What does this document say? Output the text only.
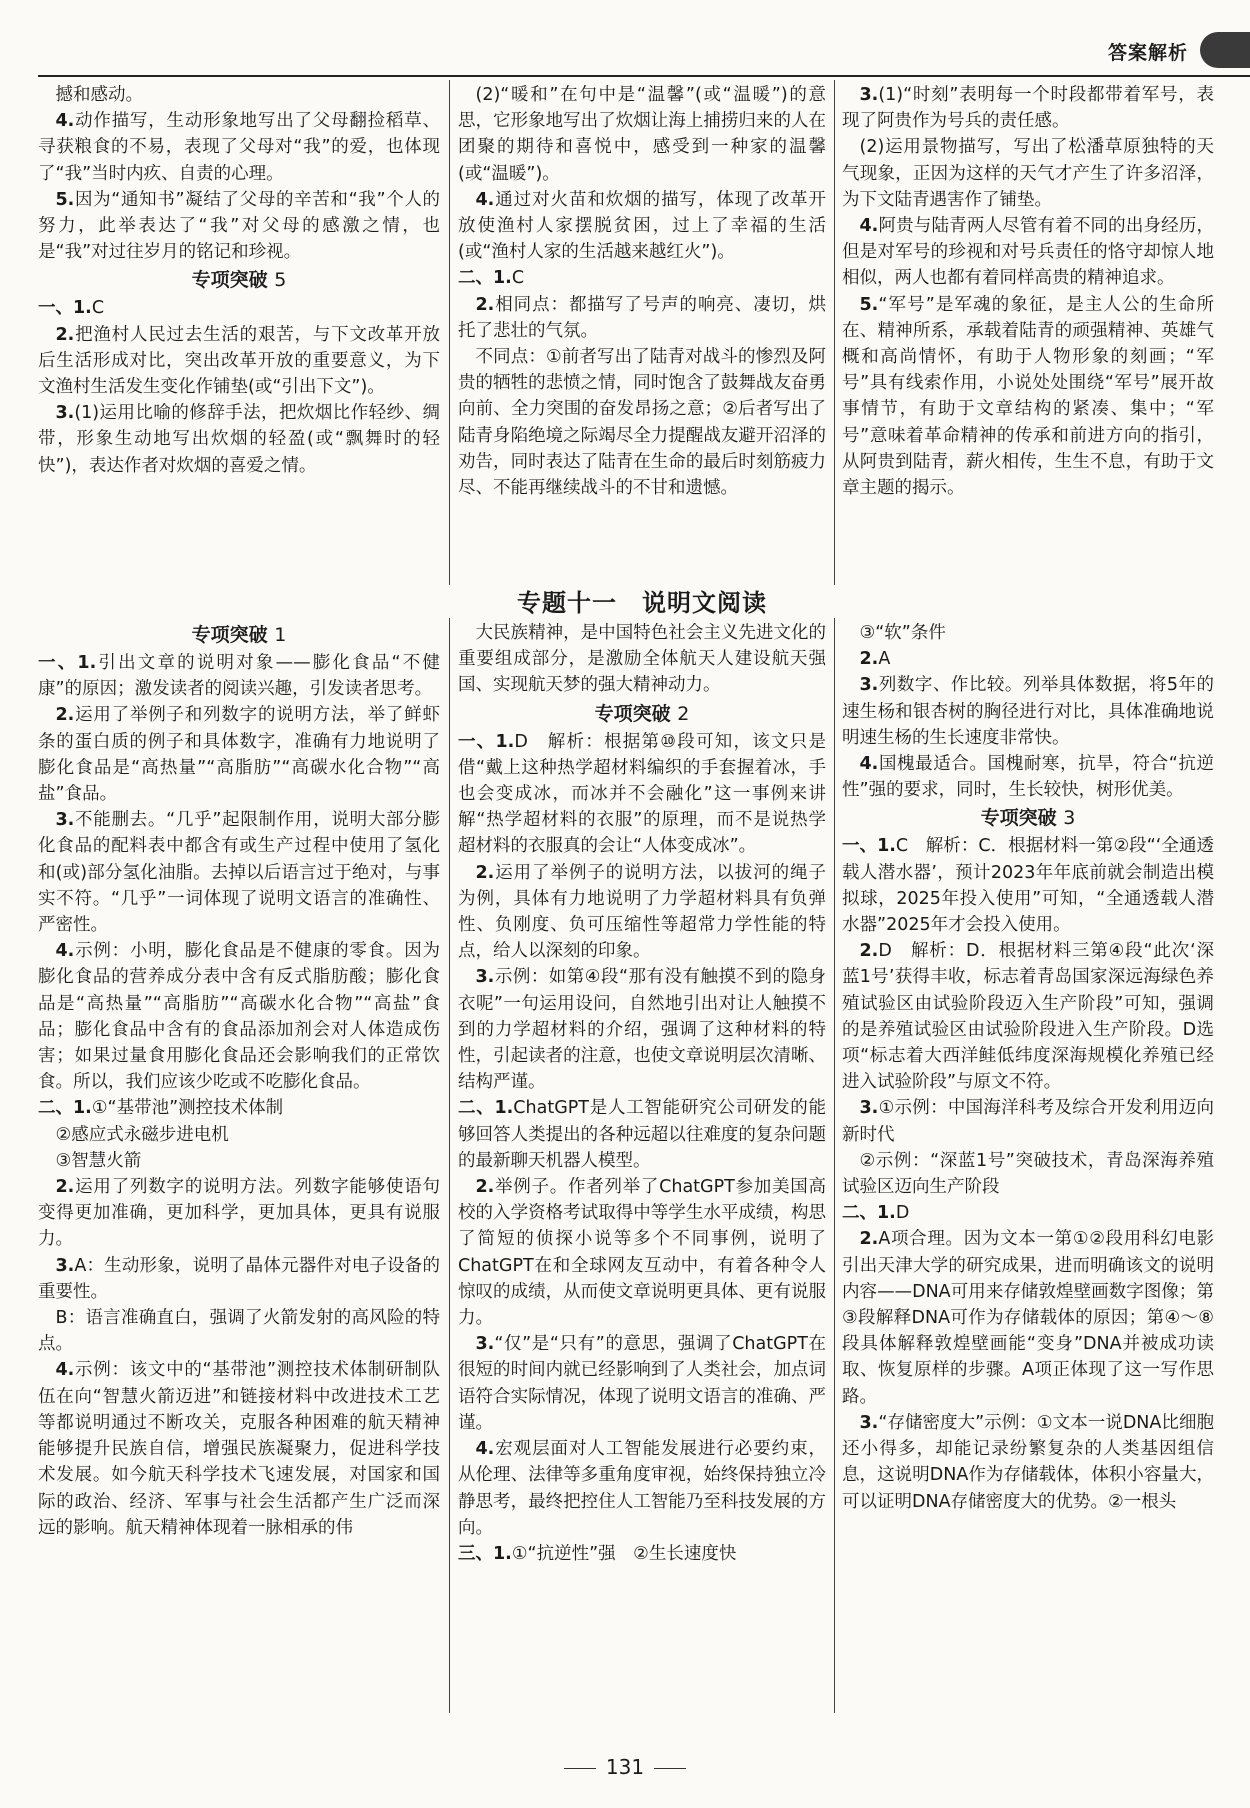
答案解析

撼和感动。

4.动作描写，生动形象地写出了父母翻捡稻草、寻获粮食的不易，表现了父母对“我”的爱，也体现了“我”当时内疚、自责的心理。

5.因为“通知书”凝结了父母的辛苦和“我”个人的努力，此举表达了“我”对父母的感激之情，也是“我”对过往岁月的铭记和珍视。

专项突破 5

一、1.C

2.把渔村人民过去生活的艰苦，与下文改革开放后生活形成对比，突出改革开放的重要意义，为下文渔村生活发生变化作铺垫(或“引出下文”)。

3.(1)运用比喻的修辞手法，把炊烟比作轻纱、绸带，形象生动地写出炊烟的轻盈(或“飘舞时的轻快”)，表达作者对炊烟的喜爱之情。

(2)“暖和”在句中是“温馨”(或“温暖”)的意思，它形象地写出了炊烟让海上捕捞归来的人在团聚的期待和喜悦中，感受到一种家的温馨(或“温暖”)。

4.通过对火苗和炊烟的描写，体现了改革开放使渔村人家摆脱贫困，过上了幸福的生活(或“渔村人家的生活越来越红火”)。

二、1.C

2.相同点：都描写了号声的响亮、凄切，烘托了悲壮的气氛。

不同点：①前者写出了陆青对战斗的惨烈及阿贵的牺牲的悲愤之情，同时饱含了鼓舞战友奋勇向前、全力突围的奋发昂扬之意；②后者写出了陆青身陷绝境之际竭尽全力提醒战友避开沼泽的劝告，同时表达了陆青在生命的最后时刻筋疲力尽、不能再继续战斗的不甘和遗憾。

3.(1)“时刻”表明每一个时段都带着军号，表现了阿贵作为号兵的责任感。

(2)运用景物描写，写出了松潘草原独特的天气现象，正因为这样的天气才产生了许多沼泽，为下文陆青遇害作了铺垫。

4.阿贵与陆青两人尽管有着不同的出身经历，但是对军号的珍视和对号兵责任的恪守却惊人地相似，两人也都有着同样高贵的精神追求。

5.“军号”是军魂的象征，是主人公的生命所在、精神所系，承载着陆青的顽强精神、英雄气概和高尚情怀，有助于人物形象的刻画；“军号”具有线索作用，小说处处围绕“军号”展开故事情节，有助于文章结构的紧凑、集中；“军号”意味着革命精神的传承和前进方向的指引，从阿贵到陆青，薪火相传，生生不息，有助于文章主题的揭示。

专题十一　说明文阅读
专项突破 1

一、1.引出文章的说明对象——膨化食品“不健康”的原因；激发读者的阅读兴趣，引发读者思考。

2.运用了举例子和列数字的说明方法，举了鲜虾条的蛋白质的例子和具体数字，准确有力地说明了膨化食品是“高热量”“高脂肪”“高碳水化合物”“高盐”食品。

3.不能删去。“几乎”起限制作用，说明大部分膨化食品的配料表中都含有或生产过程中使用了氢化和(或)部分氢化油脂。去掉以后语言过于绝对，与事实不符。“几乎”一词体现了说明文语言的准确性、严密性。

4.示例：小明，膨化食品是不健康的零食。因为膨化食品的营养成分表中含有反式脂肪酸；膨化食品是“高热量”“高脂肪”“高碳水化合物”“高盐”食品；膨化食品中含有的食品添加剂会对人体造成伤害；如果过量食用膨化食品还会影响我们的正常饮食。所以，我们应该少吃或不吃膨化食品。

二、1.①“基带池”测控技术体制

②感应式永磁步进电机

③智慧火箭

2.运用了列数字的说明方法。列数字能够使语句变得更加准确，更加科学，更加具体，更具有说服力。

3.A：生动形象，说明了晶体元器件对电子设备的重要性。

B：语言准确直白，强调了火箭发射的高风险的特点。

4.示例：该文中的“基带池”测控技术体制研制队伍在向“智慧火箭迈进”和链接材料中改进技术工艺等都说明通过不断攻关，克服各种困难的航天精神能够提升民族自信，增强民族凝聚力，促进科学技术发展。如今航天科学技术飞速发展，对国家和国际的政治、经济、军事与社会生活都产生广泛而深远的影响。航天精神体现着一脉相承的伟

大民族精神，是中国特色社会主义先进文化的重要组成部分，是激励全体航天人建设航天强国、实现航天梦的强大精神动力。

专项突破 2

一、1.D　解析：根据第⑩段可知，该文只是借“戴上这种热学超材料编织的手套握着冰，手也会变成冰，而冰并不会融化”这一事例来讲解“热学超材料的衣服”的原理，而不是说热学超材料的衣服真的会让“人体变成冰”。

2.运用了举例子的说明方法，以拔河的绳子为例，具体有力地说明了力学超材料具有负弹性、负刚度、负可压缩性等超常力学性能的特点，给人以深刻的印象。

3.示例：如第④段“那有没有触摸不到的隐身衣呢”一句运用设问，自然地引出对让人触摸不到的力学超材料的介绍，强调了这种材料的特性，引起读者的注意，也使文章说明层次清晰、结构严谨。

二、1.ChatGPT是人工智能研究公司研发的能够回答人类提出的各种远超以往难度的复杂问题的最新聊天机器人模型。

2.举例子。作者列举了ChatGPT参加美国高校的入学资格考试取得中等学生水平成绩，构思了简短的侦探小说等多个不同事例，说明了ChatGPT在和全球网友互动中，有着各种令人惊叹的成绩，从而使文章说明更具体、更有说服力。

3.“仅”是“只有”的意思，强调了ChatGPT在很短的时间内就已经影响到了人类社会，加点词语符合实际情况，体现了说明文语言的准确、严谨。

4.宏观层面对人工智能发展进行必要约束，从伦理、法律等多重角度审视，始终保持独立冷静思考，最终把控住人工智能乃至科技发展的方向。

三、1.①“抗逆性”强　②生长速度快

③“软”条件

2.A

3.列数字、作比较。列举具体数据，将5年的速生杨和银杏树的胸径进行对比，具体准确地说明速生杨的生长速度非常快。

4.国槐最适合。国槐耐寒，抗旱，符合“抗逆性”强的要求，同时，生长较快，树形优美。

专项突破 3

一、1.C　解析：C．根据材料一第②段“‘全通透载人潜水器’，预计2023年年底前就会制造出模拟球，2025年投入使用”可知，“全通透载人潜水器”2025年才会投入使用。

2.D　解析：D．根据材料三第④段“此次‘深蓝1号’获得丰收，标志着青岛国家深远海绿色养殖试验区由试验阶段迈入生产阶段”可知，强调的是养殖试验区由试验阶段进入生产阶段。D选项“标志着大西洋鲑低纬度深海规模化养殖已经进入试验阶段”与原文不符。

3.①示例：中国海洋科考及综合开发利用迈向新时代

②示例：“深蓝1号”突破技术，青岛深海养殖试验区迈向生产阶段

二、1.D

2.A项合理。因为文本一第①②段用科幻电影引出天津大学的研究成果，进而明确该文的说明内容——DNA可用来存储敦煌壁画数字图像；第③段解释DNA可作为存储载体的原因；第④～⑧段具体解释敦煌壁画能“变身”DNA并被成功读取、恢复原样的步骤。A项正体现了这一写作思路。

3.“存储密度大”示例：①文本一说DNA比细胞还小得多，却能记录纷繁复杂的人类基因组信息，这说明DNA作为存储载体，体积小容量大，可以证明DNA存储密度大的优势。②一根头

131
